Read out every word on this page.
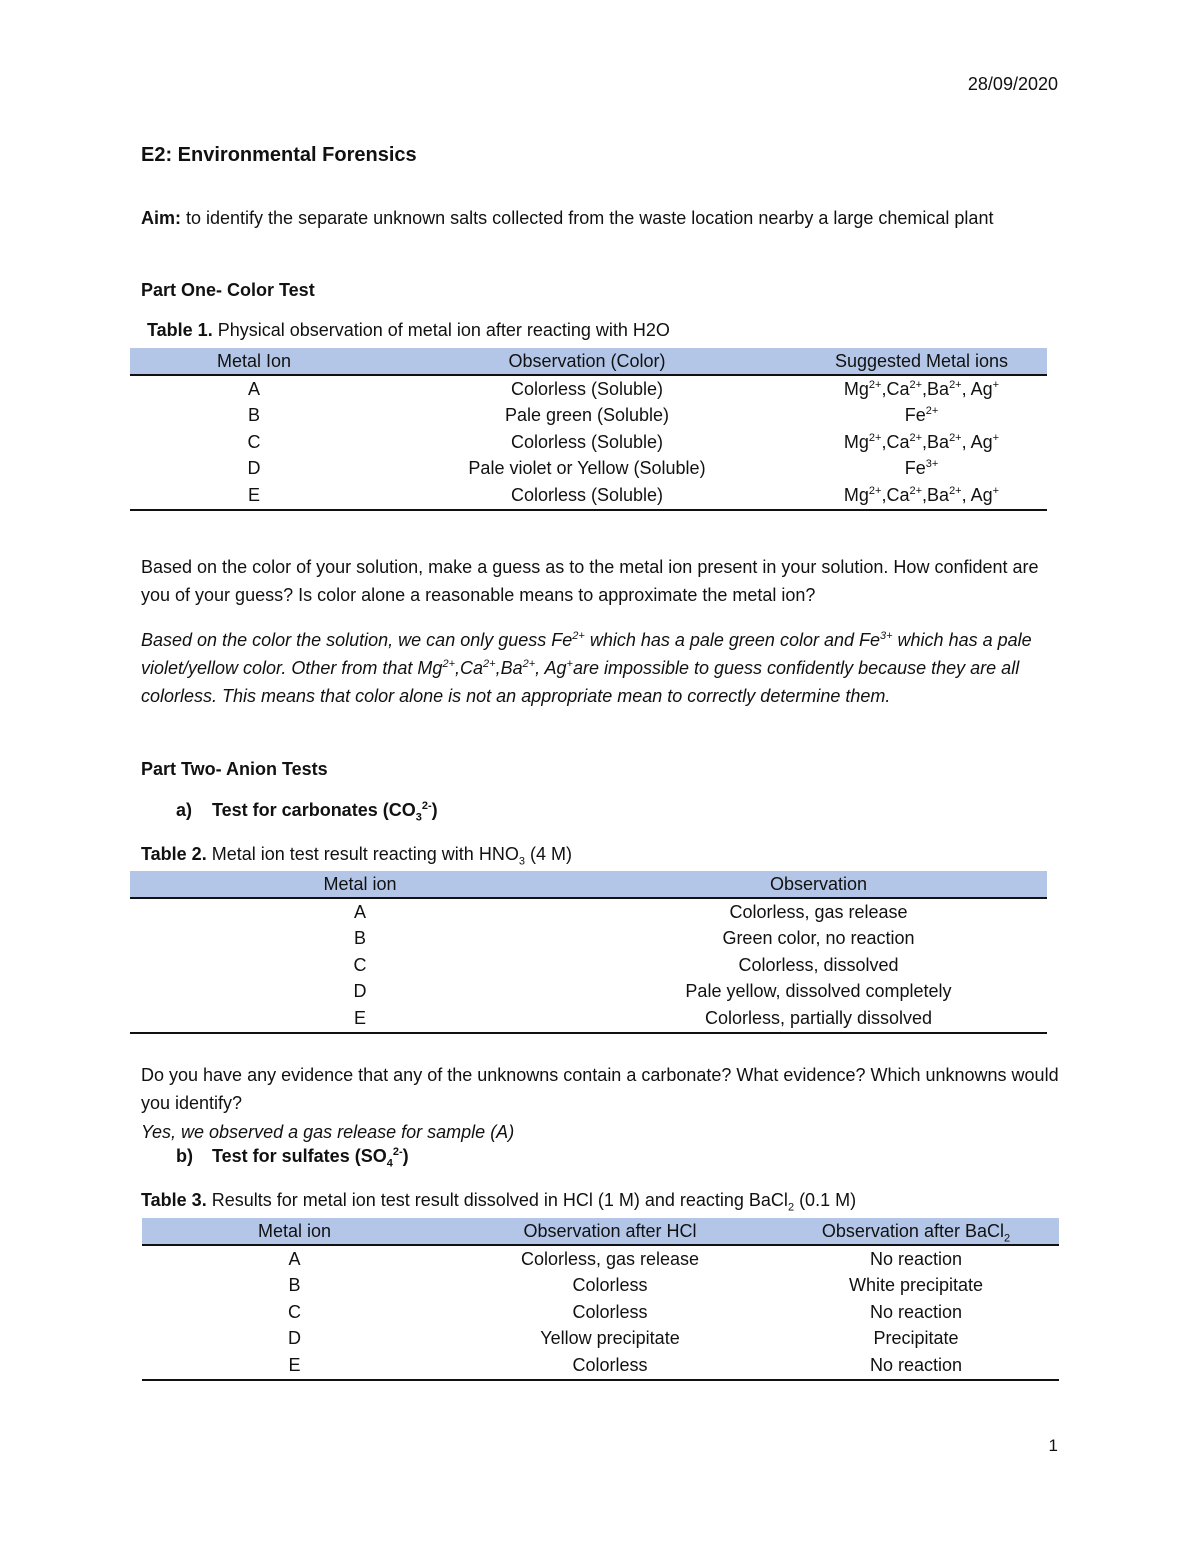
28/09/2020
1
E2: Environmental Forensics
Aim: to identify the separate unknown salts collected from the waste location nearby a large chemical plant
Part One- Color Test
Table 1. Physical observation of metal ion after reacting with H2O
Metal Ion	Observation (Color)	Suggested Metal ions
A	Colorless (Soluble)	$Mg^{2+},Ca^{2+},Ba^{2+}$, Ag+
B	Pale green (Soluble)	$Fe^{2+}$
C	Colorless (Soluble)	$Mg^{2+},Ca^{2+},Ba^{2+}$, Ag+
D	Pale violet or Yellow (Soluble)	$Fe^{3+}$
E	Colorless (Soluble)	$Mg^{2+},Ca^{2+},Ba^{2+}$, Ag+
Based on the color of your solution, make a guess as to the metal ion present in your solution. How confident are you of your guess? Is color alone a reasonable means to approximate the metal ion?
Based on the color the solution, we can only guess $Fe^{2+}$ which has a pale green color and $Fe^{3+}$ which has a pale violet/yellow color. Other from that $Mg^{2+},Ca^{2+},Ba^{2+}$, Ag+are impossible to guess confidently because they are all colorless. This means that color alone is not an appropriate mean to correctly determine them.
Part Two- Anion Tests
a) Test for carbonates $(CO_3^{2-})$
Table 2. Metal ion test result reacting with $HNO_3$ (4 M)
Metal ion	Observation
A	Colorless, gas release
B	Green color, no reaction
C	Colorless, dissolved
D	Pale yellow, dissolved completely
E	Colorless, partially dissolved
Do you have any evidence that any of the unknowns contain a carbonate? What evidence? Which unknowns would you identify?
Yes, we observed a gas release for sample (A)
b) Test for sulfates $(SO_4^{2-})$
Table 3. Results for metal ion test result dissolved in HCl (1 M) and reacting BaCl$_2$ (0.1 M)
Metal ion	Observation after HCl	Observation after BaCl$_2$
A	Colorless, gas release	No reaction
B	Colorless	White precipitate
C	Colorless	No reaction
D	Yellow precipitate	Precipitate
E	Colorless	No reaction
